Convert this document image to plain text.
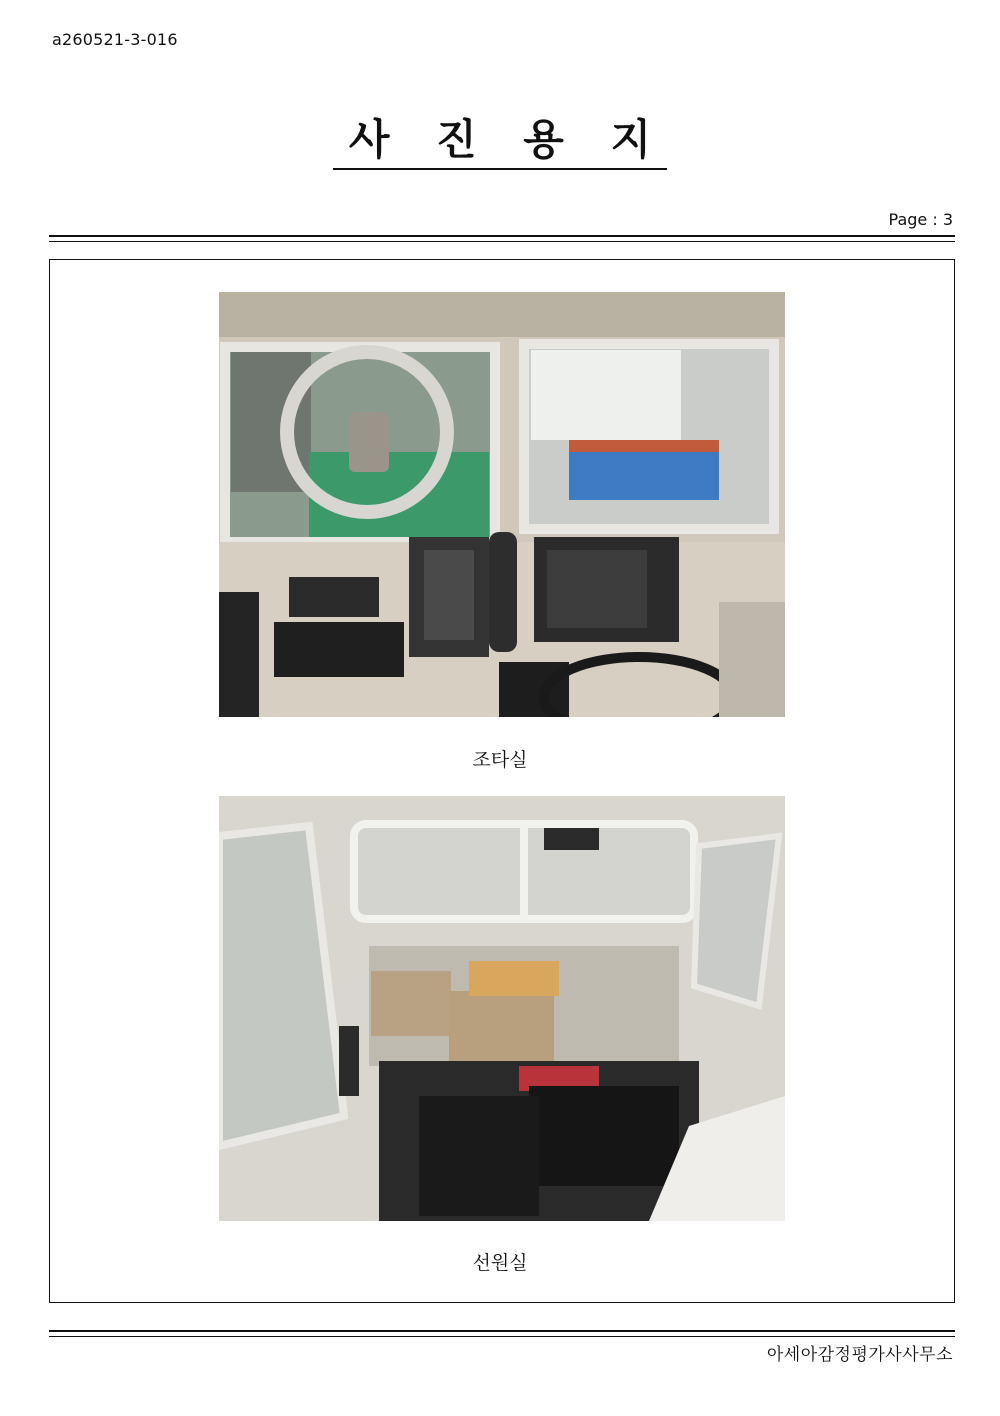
a260521-3-016
사 진 용 지
Page : 3
조타실
선원실
아세아감정평가사사무소
